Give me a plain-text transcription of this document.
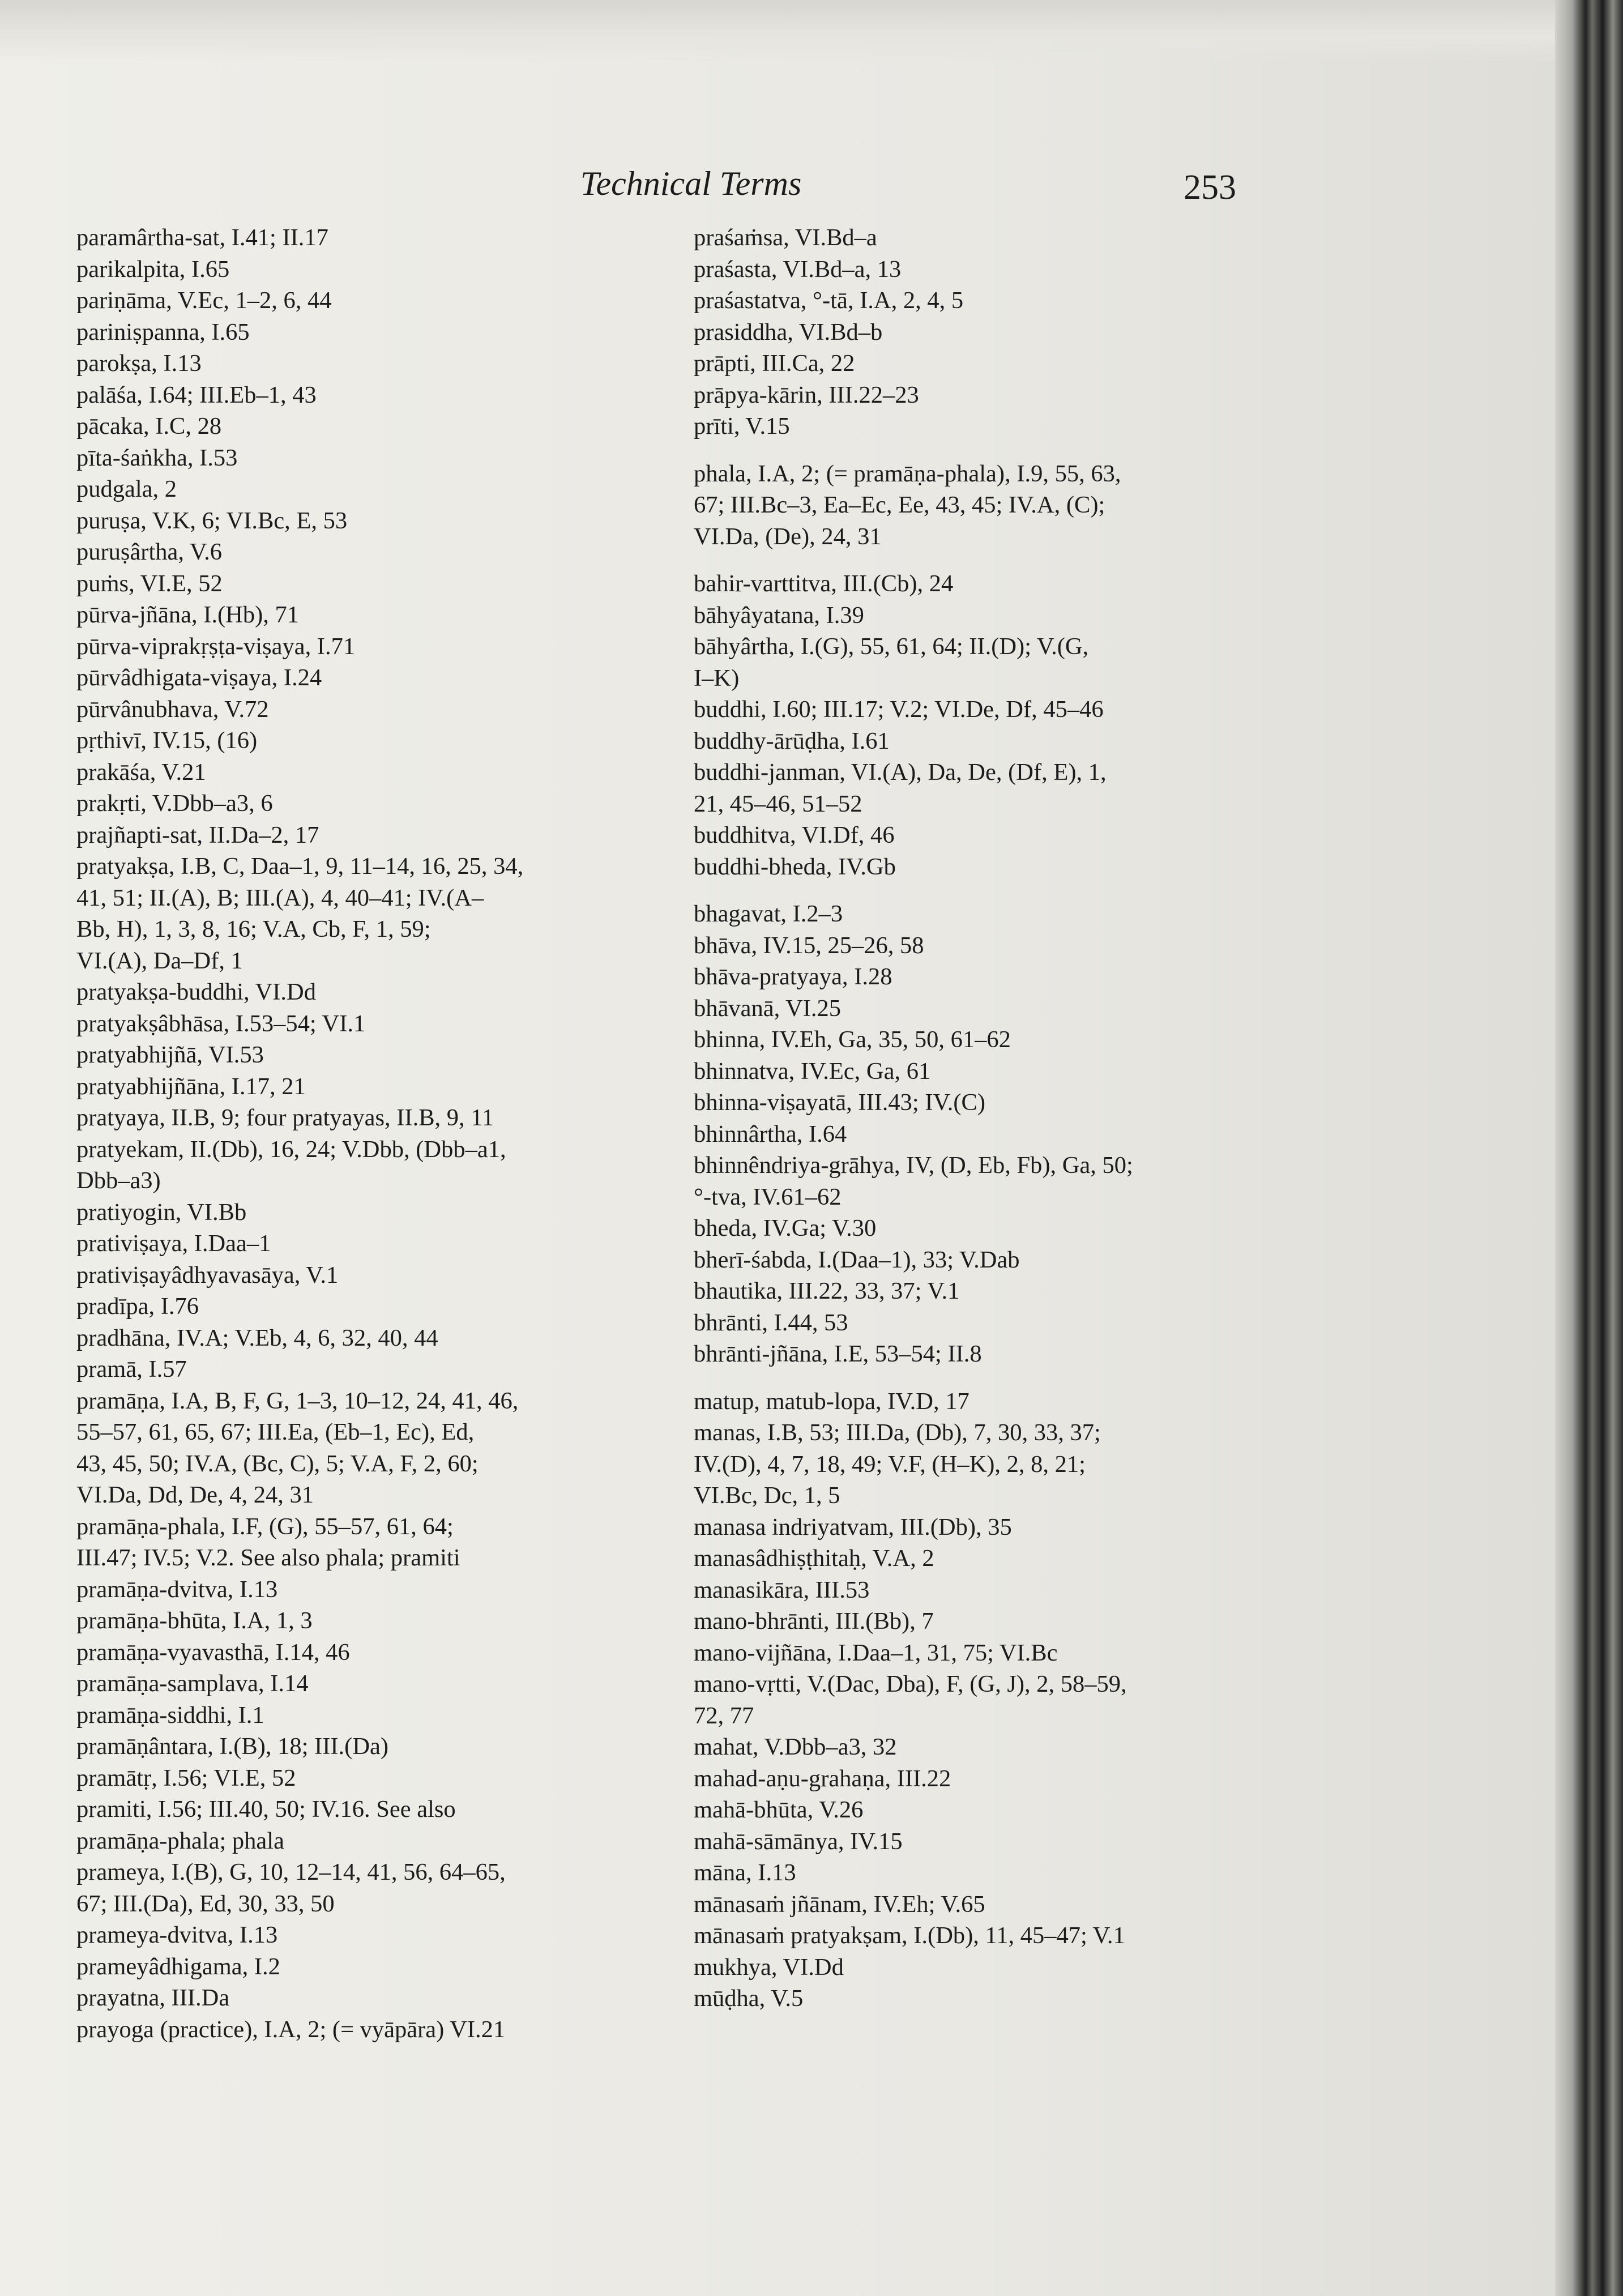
Technical Terms	253
paramârtha-sat, I.41; II.17
parikalpita, I.65
pariṇāma, V.Ec, 1–2, 6, 44
pariniṣpanna, I.65
parokṣa, I.13
palāśa, I.64; III.Eb–1, 43
pācaka, I.C, 28
pīta-śaṅkha, I.53
pudgala, 2
puruṣa, V.K, 6; VI.Bc, E, 53
puruṣârtha, V.6
puṁs, VI.E, 52
pūrva-jñāna, I.(Hb), 71
pūrva-viprakṛṣṭa-viṣaya, I.71
pūrvâdhigata-viṣaya, I.24
pūrvânubhava, V.72
pṛthivī, IV.15, (16)
prakāśa, V.21
prakṛti, V.Dbb–a3, 6
prajñapti-sat, II.Da–2, 17
pratyakṣa, I.B, C, Daa–1, 9, 11–14, 16, 25, 34,
41, 51; II.(A), B; III.(A), 4, 40–41; IV.(A–
Bb, H), 1, 3, 8, 16; V.A, Cb, F, 1, 59;
VI.(A), Da–Df, 1
pratyakṣa-buddhi, VI.Dd
pratyakṣâbhāsa, I.53–54; VI.1
pratyabhijñā, VI.53
pratyabhijñāna, I.17, 21
pratyaya, II.B, 9; four pratyayas, II.B, 9, 11
pratyekam, II.(Db), 16, 24; V.Dbb, (Dbb–a1,
Dbb–a3)
pratiyogin, VI.Bb
prativiṣaya, I.Daa–1
prativiṣayâdhyavasāya, V.1
pradīpa, I.76
pradhāna, IV.A; V.Eb, 4, 6, 32, 40, 44
pramā, I.57
pramāṇa, I.A, B, F, G, 1–3, 10–12, 24, 41, 46,
55–57, 61, 65, 67; III.Ea, (Eb–1, Ec), Ed,
43, 45, 50; IV.A, (Bc, C), 5; V.A, F, 2, 60;
VI.Da, Dd, De, 4, 24, 31
pramāṇa-phala, I.F, (G), 55–57, 61, 64;
III.47; IV.5; V.2. See also phala; pramiti
pramāṇa-dvitva, I.13
pramāṇa-bhūta, I.A, 1, 3
pramāṇa-vyavasthā, I.14, 46
pramāṇa-samplava, I.14
pramāṇa-siddhi, I.1
pramāṇântara, I.(B), 18; III.(Da)
pramātṛ, I.56; VI.E, 52
pramiti, I.56; III.40, 50; IV.16. See also
pramāṇa-phala; phala
prameya, I.(B), G, 10, 12–14, 41, 56, 64–65,
67; III.(Da), Ed, 30, 33, 50
prameya-dvitva, I.13
prameyâdhigama, I.2
prayatna, III.Da
prayoga (practice), I.A, 2; (= vyāpāra) VI.21
praśaṁsa, VI.Bd–a
praśasta, VI.Bd–a, 13
praśastatva, °-tā, I.A, 2, 4, 5
prasiddha, VI.Bd–b
prāpti, III.Ca, 22
prāpya-kārin, III.22–23
prīti, V.15
phala, I.A, 2; (= pramāṇa-phala), I.9, 55, 63,
67; III.Bc–3, Ea–Ec, Ee, 43, 45; IV.A, (C);
VI.Da, (De), 24, 31
bahir-varttitva, III.(Cb), 24
bāhyâyatana, I.39
bāhyârtha, I.(G), 55, 61, 64; II.(D); V.(G,
I–K)
buddhi, I.60; III.17; V.2; VI.De, Df, 45–46
buddhy-ārūḍha, I.61
buddhi-janman, VI.(A), Da, De, (Df, E), 1,
21, 45–46, 51–52
buddhitva, VI.Df, 46
buddhi-bheda, IV.Gb
bhagavat, I.2–3
bhāva, IV.15, 25–26, 58
bhāva-pratyaya, I.28
bhāvanā, VI.25
bhinna, IV.Eh, Ga, 35, 50, 61–62
bhinnatva, IV.Ec, Ga, 61
bhinna-viṣayatā, III.43; IV.(C)
bhinnârtha, I.64
bhinnêndriya-grāhya, IV, (D, Eb, Fb), Ga, 50;
°-tva, IV.61–62
bheda, IV.Ga; V.30
bherī-śabda, I.(Daa–1), 33; V.Dab
bhautika, III.22, 33, 37; V.1
bhrānti, I.44, 53
bhrānti-jñāna, I.E, 53–54; II.8
matup, matub-lopa, IV.D, 17
manas, I.B, 53; III.Da, (Db), 7, 30, 33, 37;
IV.(D), 4, 7, 18, 49; V.F, (H–K), 2, 8, 21;
VI.Bc, Dc, 1, 5
manasa indriyatvam, III.(Db), 35
manasâdhiṣṭhitaḥ, V.A, 2
manasikāra, III.53
mano-bhrānti, III.(Bb), 7
mano-vijñāna, I.Daa–1, 31, 75; VI.Bc
mano-vṛtti, V.(Dac, Dba), F, (G, J), 2, 58–59,
72, 77
mahat, V.Dbb–a3, 32
mahad-aṇu-grahaṇa, III.22
mahā-bhūta, V.26
mahā-sāmānya, IV.15
māna, I.13
mānasaṁ jñānam, IV.Eh; V.65
mānasaṁ pratyakṣam, I.(Db), 11, 45–47; V.1
mukhya, VI.Dd
mūḍha, V.5
